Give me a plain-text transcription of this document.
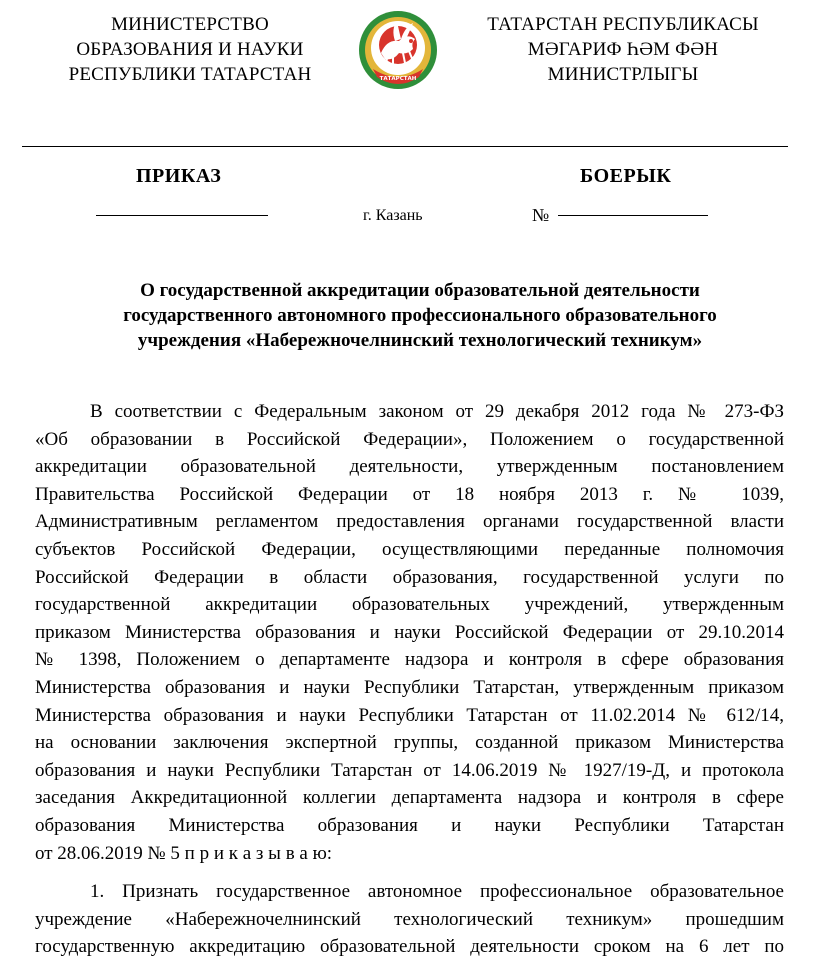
МИНИСТЕРСТВО
ОБРАЗОВАНИЯ И НАУКИ
РЕСПУБЛИКИ ТАТАРСТАН	ТАТАРСТАН
ТАТАРСТАН РЕСПУБЛИКАСЫ
МӘГАРИФ ҺӘМ ФӘН
МИНИСТРЛЫГЫ
ПРИКАЗ	БОЕРЫК
г. Казань	№
О государственной аккредитации образовательной деятельности
государственного автономного профессионального образовательного
учреждения «Набережночелнинский технологический техникум»
В соответствии с Федеральным законом от 29 декабря 2012 года № 273-ФЗ
«Об образовании в Российской Федерации», Положением о государственной
аккредитации образовательной деятельности, утвержденным постановлением
Правительства Российской Федерации от 18 ноября 2013 г. № 1039,
Административным регламентом предоставления органами государственной власти
субъектов Российской Федерации, осуществляющими переданные полномочия
Российской Федерации в области образования, государственной услуги по
государственной аккредитации образовательных учреждений, утвержденным
приказом Министерства образования и науки Российской Федерации от 29.10.2014
№ 1398, Положением о департаменте надзора и контроля в сфере образования
Министерства образования и науки Республики Татарстан, утвержденным приказом
Министерства образования и науки Республики Татарстан от 11.02.2014 № 612/14,
на основании заключения экспертной группы, созданной приказом Министерства
образования и науки Республики Татарстан от 14.06.2019 № 1927/19-Д, и протокола
заседания Аккредитационной коллегии департамента надзора и контроля в сфере
образования Министерства образования и науки Республики Татарстан
от 28.06.2019 № 5 п р и к а з ы в а ю:
1. Признать государственное автономное профессиональное образовательное
учреждение «Набережночелнинский технологический техникум» прошедшим
государственную аккредитацию образовательной деятельности сроком на 6 лет по
